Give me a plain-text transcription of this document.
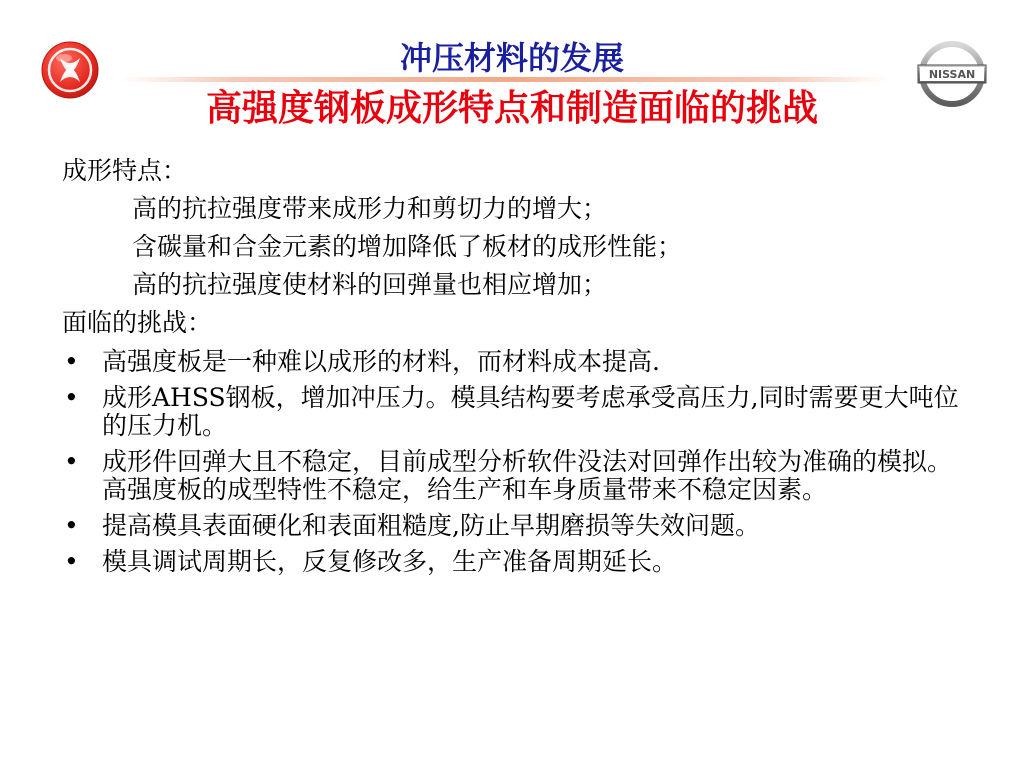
冲压材料的发展	NISSAN
高强度钢板成形特点和制造面临的挑战
成形特点：
高的抗拉强度带来成形力和剪切力的增大；
含碳量和合金元素的增加降低了板材的成形性能；
高的抗拉强度使材料的回弹量也相应增加；
面临的挑战：
• 高强度板是一种难以成形的材料，而材料成本提高.
• 成形AHSS钢板，增加冲压力。模具结构要考虑承受高压力,同时需要更大吨位的压力机。
• 成形件回弹大且不稳定，目前成型分析软件没法对回弹作出较为准确的模拟。高强度板的成型特性不稳定，给生产和车身质量带来不稳定因素。
• 提高模具表面硬化和表面粗糙度,防止早期磨损等失效问题。
• 模具调试周期长，反复修改多，生产准备周期延长。
